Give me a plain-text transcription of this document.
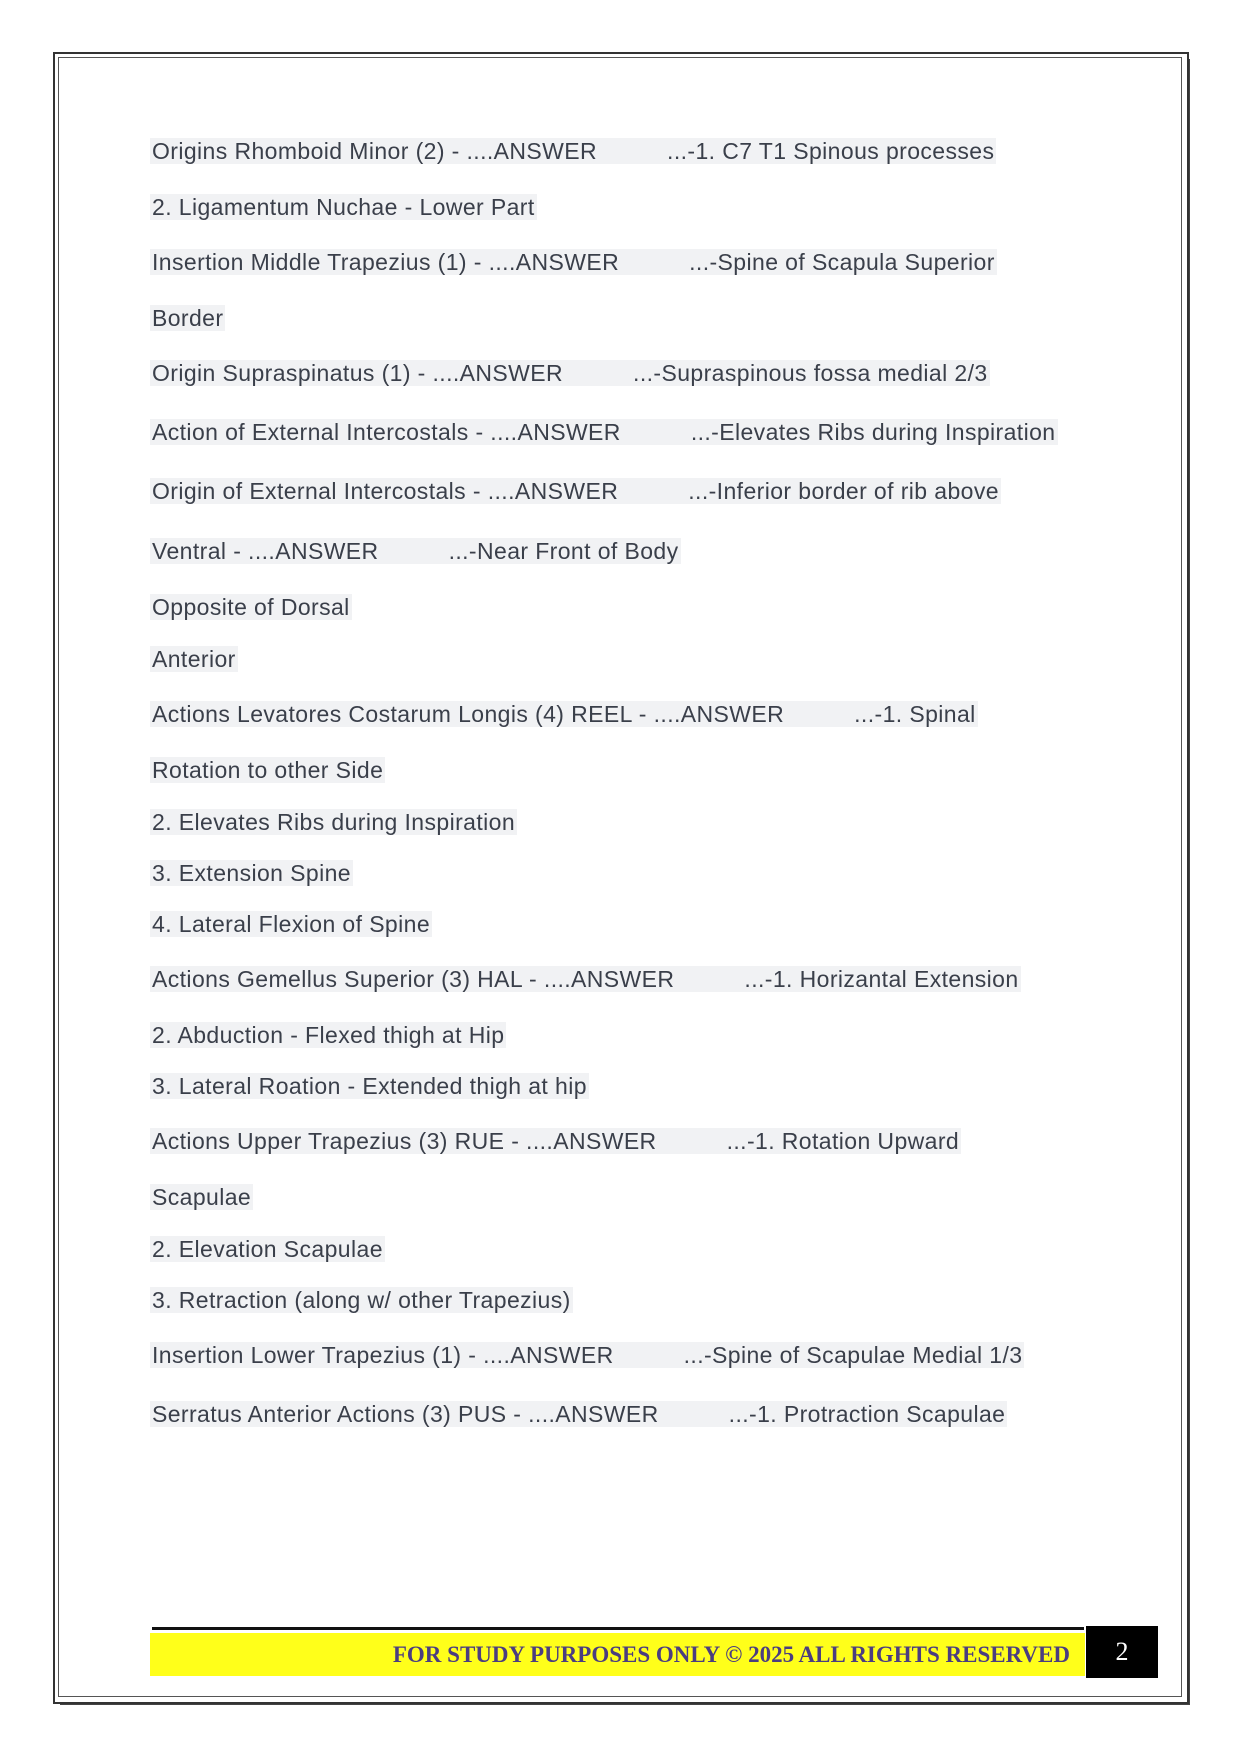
Origins Rhomboid Minor (2) - ....ANSWER	...-1. C7 T1 Spinous processes
2. Ligamentum Nuchae - Lower Part
Insertion Middle Trapezius (1) - ....ANSWER	...-Spine of Scapula Superior
Border
Origin Supraspinatus (1) - ....ANSWER	...-Supraspinous fossa medial 2/3
Action of External Intercostals - ....ANSWER	...-Elevates Ribs during Inspiration
Origin of External Intercostals - ....ANSWER	...-Inferior border of rib above
Ventral - ....ANSWER	...-Near Front of Body
Opposite of Dorsal
Anterior
Actions Levatores Costarum Longis (4) REEL - ....ANSWER	...-1. Spinal
Rotation to other Side
2. Elevates Ribs during Inspiration
3. Extension Spine
4. Lateral Flexion of Spine
Actions Gemellus Superior (3) HAL - ....ANSWER	...-1. Horizantal Extension
2. Abduction - Flexed thigh at Hip
3. Lateral Roation - Extended thigh at hip
Actions Upper Trapezius (3) RUE - ....ANSWER	...-1. Rotation Upward
Scapulae
2. Elevation Scapulae
3. Retraction (along w/ other Trapezius)
Insertion Lower Trapezius (1) - ....ANSWER	...-Spine of Scapulae Medial 1/3
Serratus Anterior Actions (3) PUS - ....ANSWER	...-1. Protraction Scapulae
FOR STUDY PURPOSES ONLY © 2025 ALL RIGHTS RESERVED 2
